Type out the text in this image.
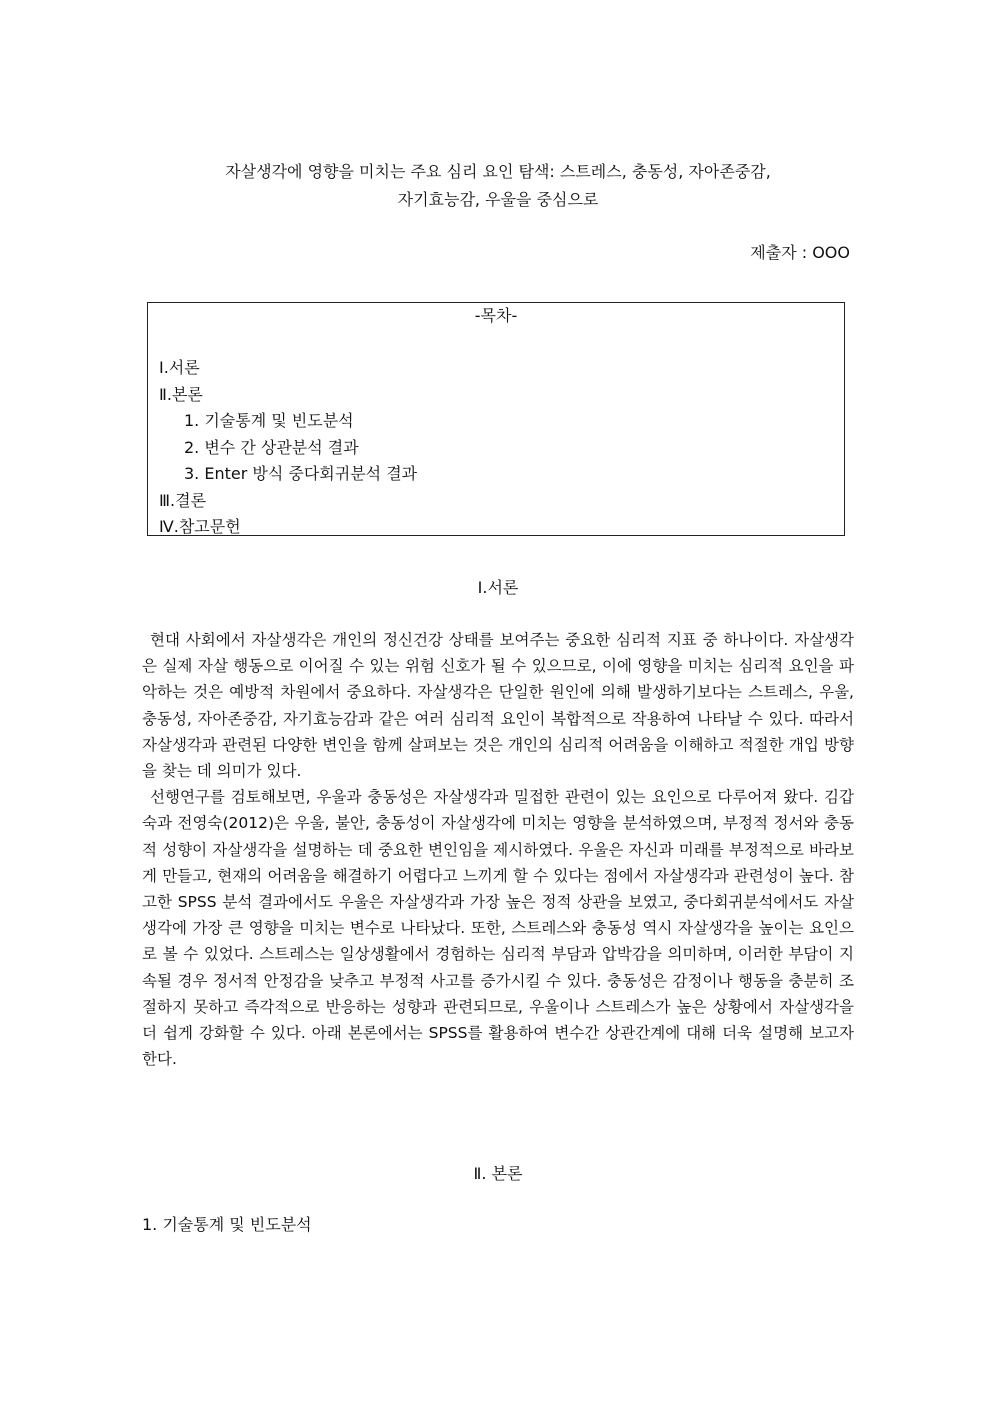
자살생각에 영향을 미치는 주요 심리 요인 탐색: 스트레스, 충동성, 자아존중감,
자기효능감, 우울을 중심으로
제출자 : OOO
-목차-
Ⅰ.서론
Ⅱ.본론
1. 기술통계 및 빈도분석
2. 변수 간 상관분석 결과
3. Enter 방식 중다회귀분석 결과
Ⅲ.결론
Ⅳ.참고문헌
Ⅰ.서론

현대 사회에서 자살생각은 개인의 정신건강 상태를 보여주는 중요한 심리적 지표 중 하나이다. 자살생각은 실제 자살 행동으로 이어질 수 있는 위험 신호가 될 수 있으므로, 이에 영향을 미치는 심리적 요인을 파악하는 것은 예방적 차원에서 중요하다. 자살생각은 단일한 원인에 의해 발생하기보다는 스트레스, 우울, 충동성, 자아존중감, 자기효능감과 같은 여러 심리적 요인이 복합적으로 작용하여 나타날 수 있다. 따라서 자살생각과 관련된 다양한 변인을 함께 살펴보는 것은 개인의 심리적 어려움을 이해하고 적절한 개입 방향을 찾는 데 의미가 있다.

선행연구를 검토해보면, 우울과 충동성은 자살생각과 밀접한 관련이 있는 요인으로 다루어져 왔다. 김갑숙과 전영숙(2012)은 우울, 불안, 충동성이 자살생각에 미치는 영향을 분석하였으며, 부정적 정서와 충동적 성향이 자살생각을 설명하는 데 중요한 변인임을 제시하였다. 우울은 자신과 미래를 부정적으로 바라보게 만들고, 현재의 어려움을 해결하기 어렵다고 느끼게 할 수 있다는 점에서 자살생각과 관련성이 높다. 참고한 SPSS 분석 결과에서도 우울은 자살생각과 가장 높은 정적 상관을 보였고, 중다회귀분석에서도 자살생각에 가장 큰 영향을 미치는 변수로 나타났다. 또한, 스트레스와 충동성 역시 자살생각을 높이는 요인으로 볼 수 있었다. 스트레스는 일상생활에서 경험하는 심리적 부담과 압박감을 의미하며, 이러한 부담이 지속될 경우 정서적 안정감을 낮추고 부정적 사고를 증가시킬 수 있다. 충동성은 감정이나 행동을 충분히 조절하지 못하고 즉각적으로 반응하는 성향과 관련되므로, 우울이나 스트레스가 높은 상황에서 자살생각을 더 쉽게 강화할 수 있다. 아래 본론에서는 SPSS를 활용하여 변수간 상관간계에 대해 더욱 설명해 보고자 한다.

Ⅱ. 본론
1. 기술통계 및 빈도분석
